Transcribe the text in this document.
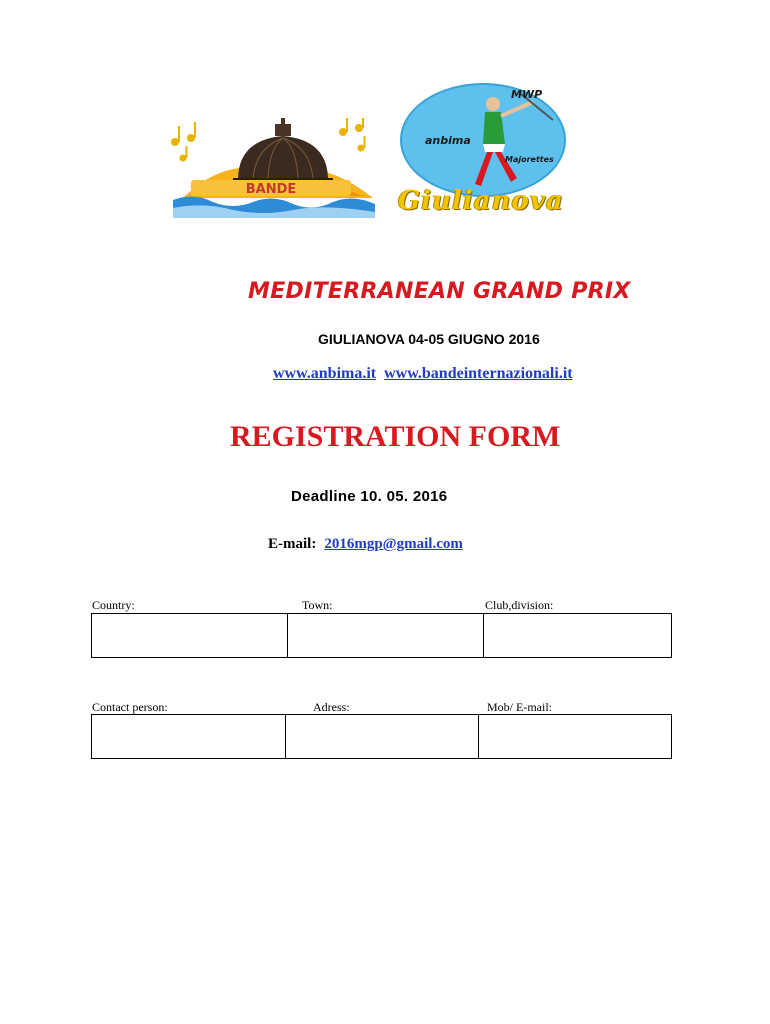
BANDE
MWP
anbima
Majorettes
Giulianova
MEDITERRANEAN GRAND PRIX
GIULIANOVA 04-05 GIUGNO 2016
www.anbima.it www.bandeinternazionali.it
REGISTRATION FORM
Deadline 10. 05. 2016
E-mail: 2016mgp@gmail.com
Country:	Town:	Club,division:
Contact person:	Adress:	Mob/ E-mail:
